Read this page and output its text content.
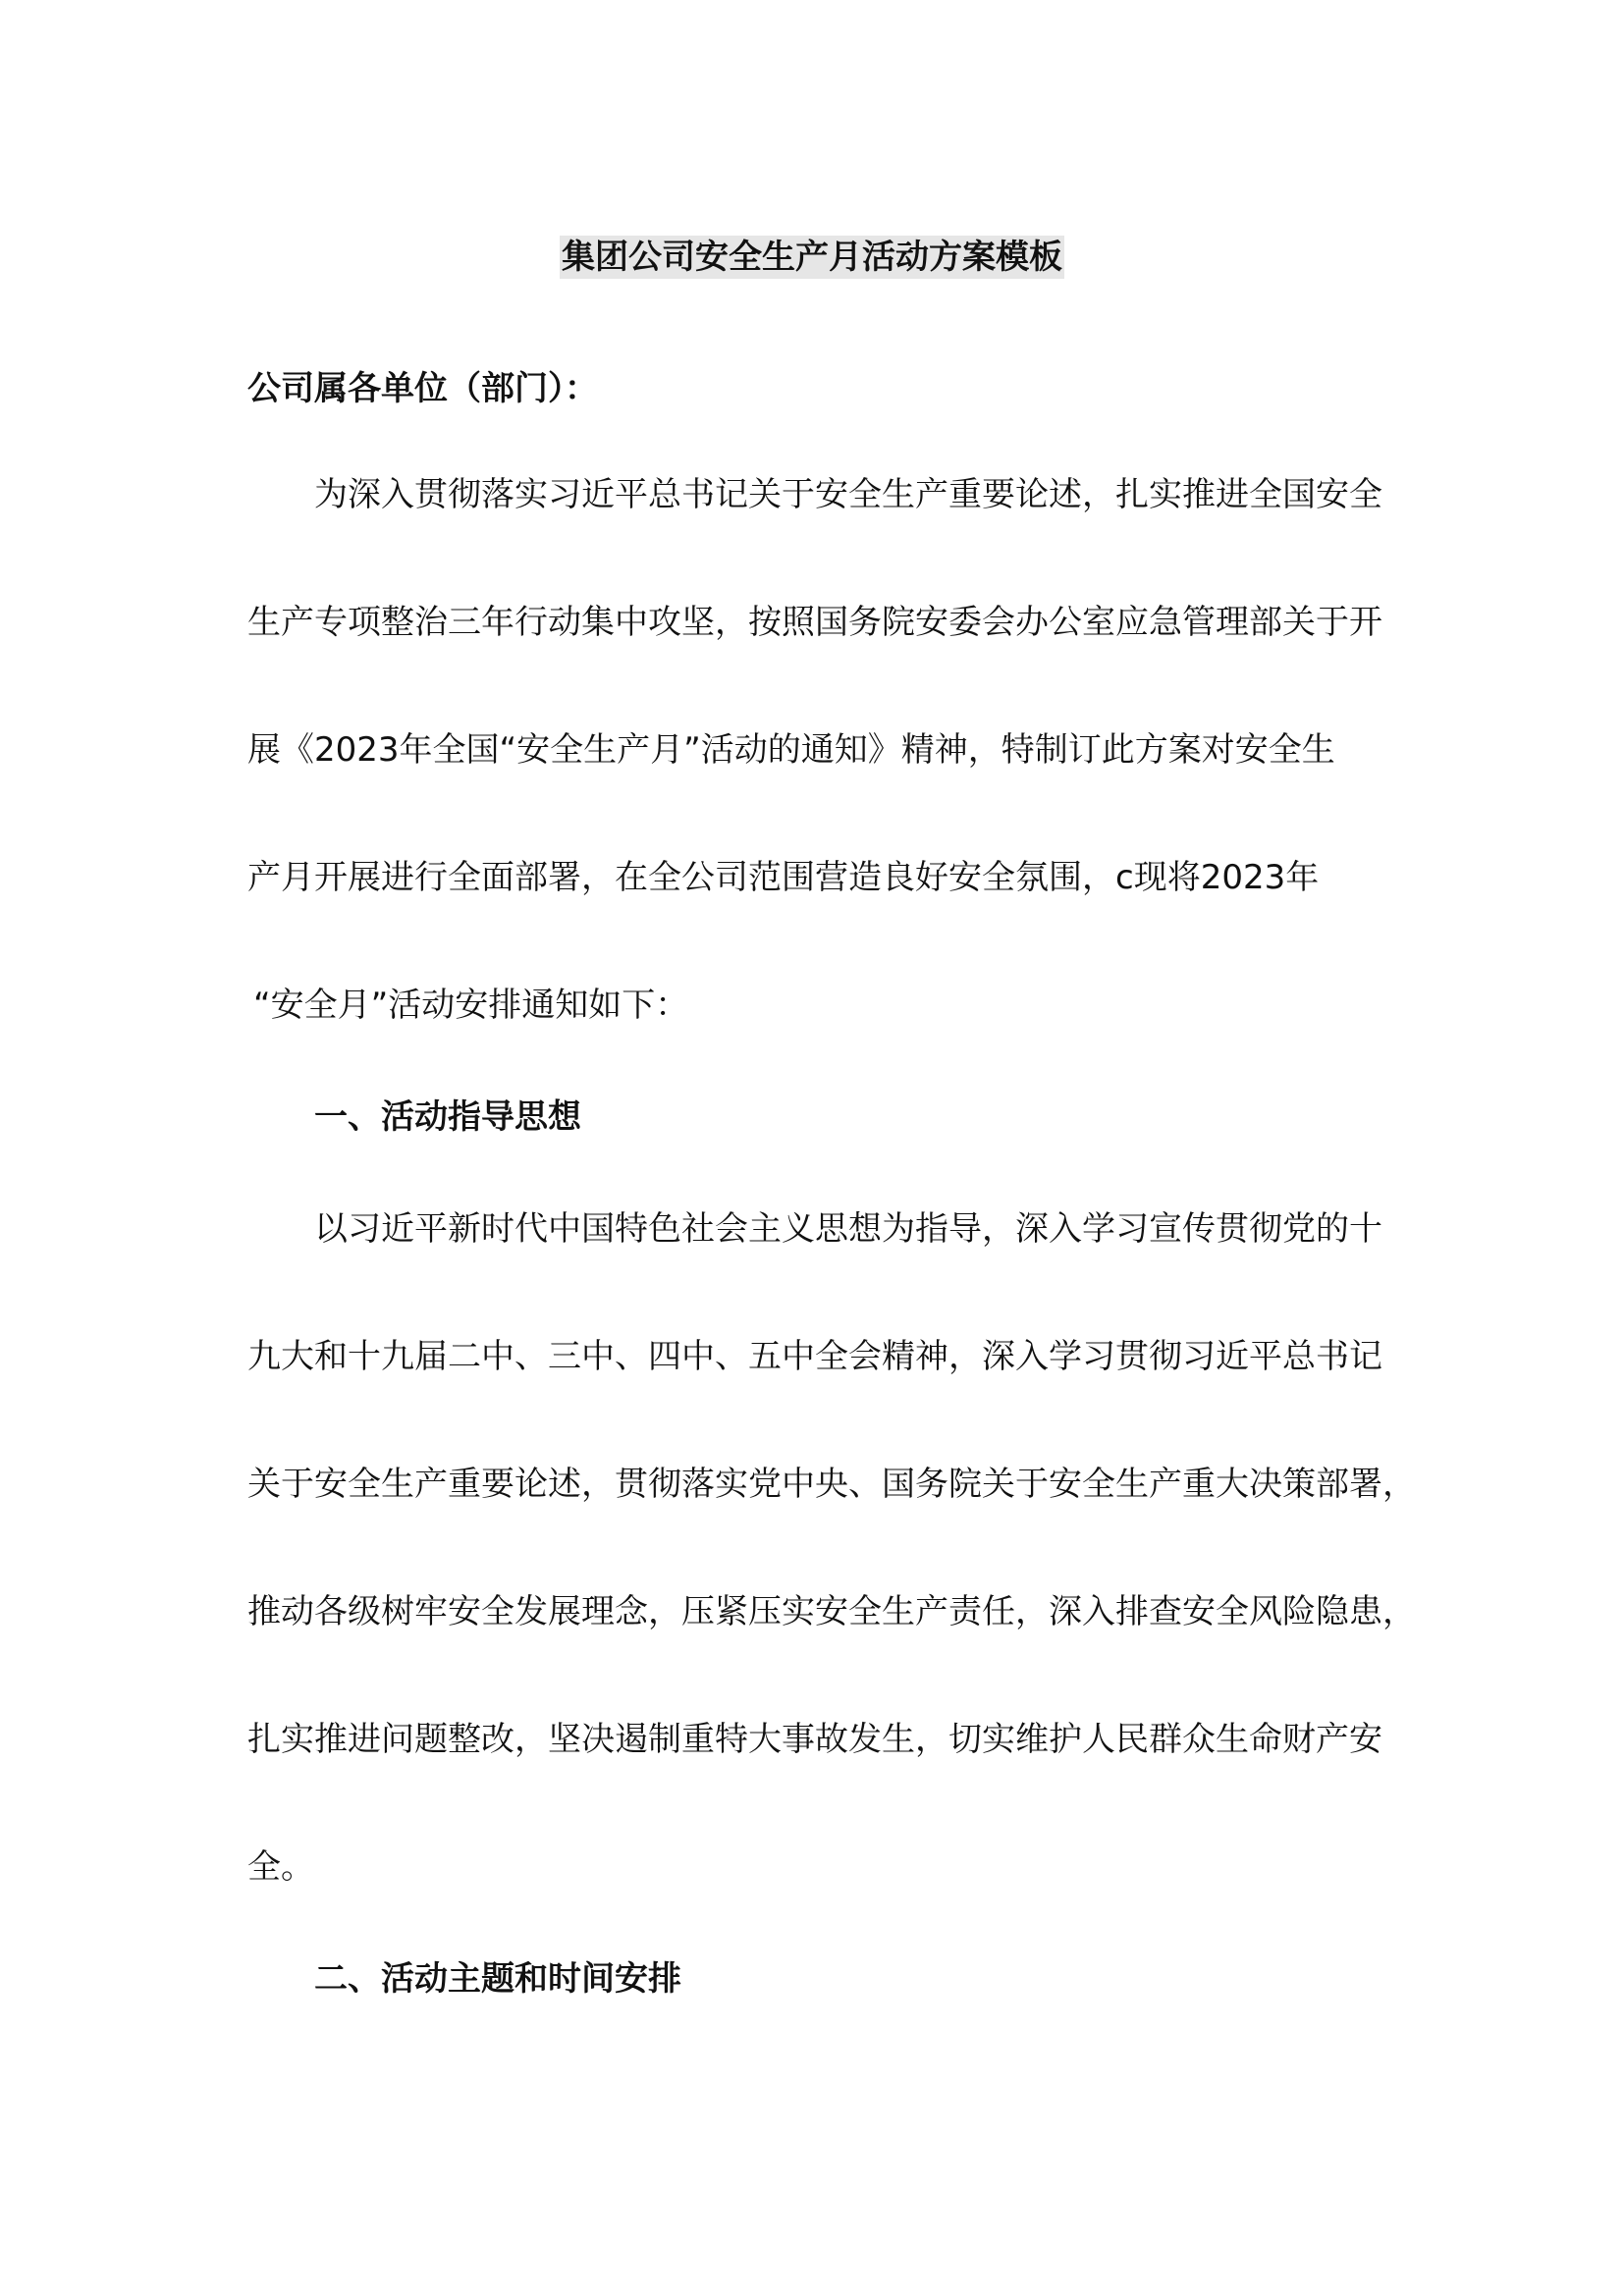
集团公司安全生产月活动方案模板
公司属各单位（部门）：
为深入贯彻落实习近平总书记关于安全生产重要论述，扎实推进全国安全
生产专项整治三年行动集中攻坚，按照国务院安委会办公室应急管理部关于开
展《2023年全国“安全生产月”活动的通知》精神，特制订此方案对安全生
产月开展进行全面部署，在全公司范围营造良好安全氛围，c现将2023年
“安全月”活动安排通知如下：
一、活动指导思想
以习近平新时代中国特色社会主义思想为指导，深入学习宣传贯彻党的十
九大和十九届二中、三中、四中、五中全会精神，深入学习贯彻习近平总书记
关于安全生产重要论述，贯彻落实党中央、国务院关于安全生产重大决策部署，
推动各级树牢安全发展理念，压紧压实安全生产责任，深入排查安全风险隐患，
扎实推进问题整改，坚决遏制重特大事故发生，切实维护人民群众生命财产安
全。
二、活动主题和时间安排
